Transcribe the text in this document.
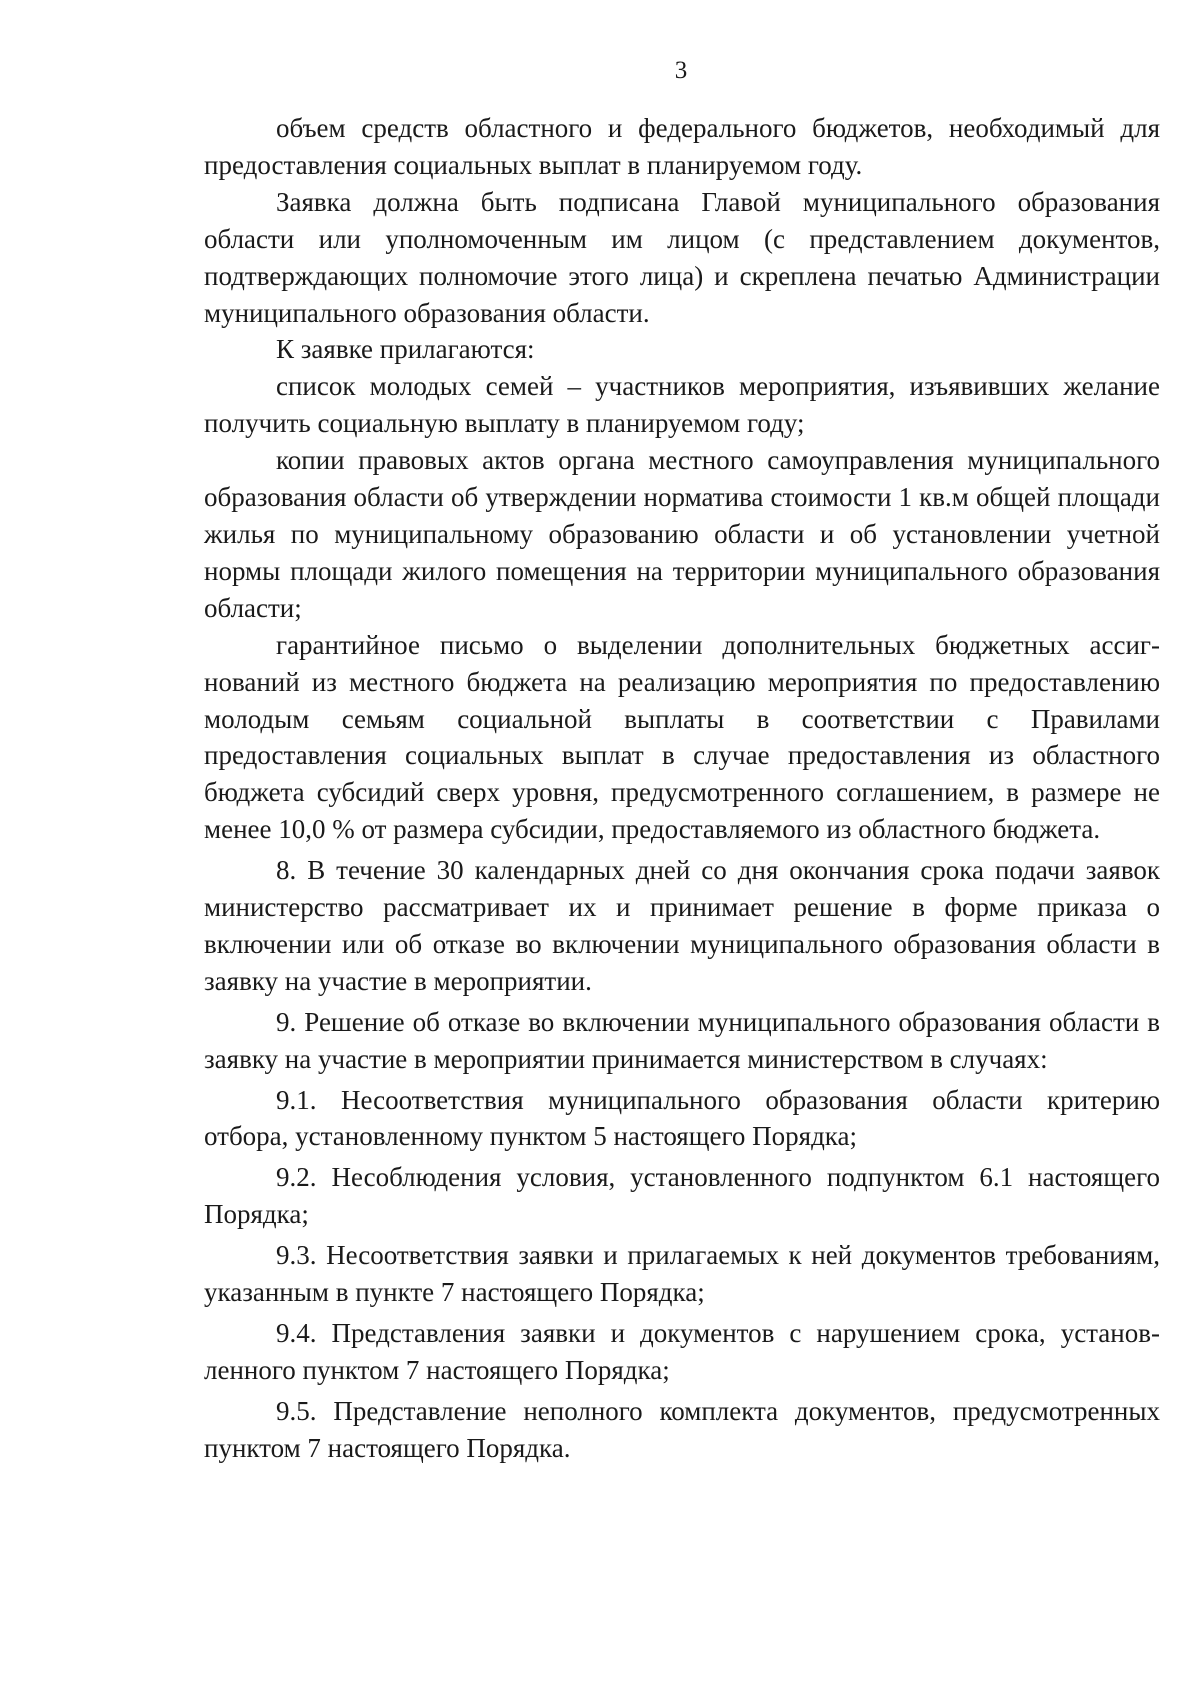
3

объем средств областного и федерального бюджетов, необходимый для предоставления социальных выплат в планируемом году.

Заявка должна быть подписана Главой муниципального образования области или уполномоченным им лицом (с представлением документов, подтверждающих полномочие этого лица) и скреплена печатью Администрации муниципального образования области.

К заявке прилагаются:

список молодых семей – участников мероприятия, изъявивших желание получить социальную выплату в планируемом году;

копии правовых актов органа местного самоуправления муниципального образования области об утверждении норматива стоимости 1 кв.м общей площади жилья по муниципальному образованию области и об установлении учетной нормы площади жилого помещения на территории муниципального образования области;

гарантийное письмо о выделении дополнительных бюджетных ассигнований из местного бюджета на реализацию мероприятия по предоставлению молодым семьям социальной выплаты в соответствии с Правилами предоставления социальных выплат в случае предоставления из областного бюджета субсидий сверх уровня, предусмотренного соглашением, в размере не менее 10,0 % от размера субсидии, предоставляемого из областного бюджета.

8. В течение 30 календарных дней со дня окончания срока подачи заявок министерство рассматривает их и принимает решение в форме приказа о включении или об отказе во включении муниципального образования области в заявку на участие в мероприятии.

9. Решение об отказе во включении муниципального образования области в заявку на участие в мероприятии принимается министерством в случаях:

9.1. Несоответствия муниципального образования области критерию отбора, установленному пунктом 5 настоящего Порядка;

9.2. Несоблюдения условия, установленного подпунктом 6.1 настоящего Порядка;

9.3. Несоответствия заявки и прилагаемых к ней документов требованиям, указанным в пункте 7 настоящего Порядка;

9.4. Представления заявки и документов с нарушением срока, установленного пунктом 7 настоящего Порядка;

9.5. Представление неполного комплекта документов, предусмотренных пунктом 7 настоящего Порядка.
